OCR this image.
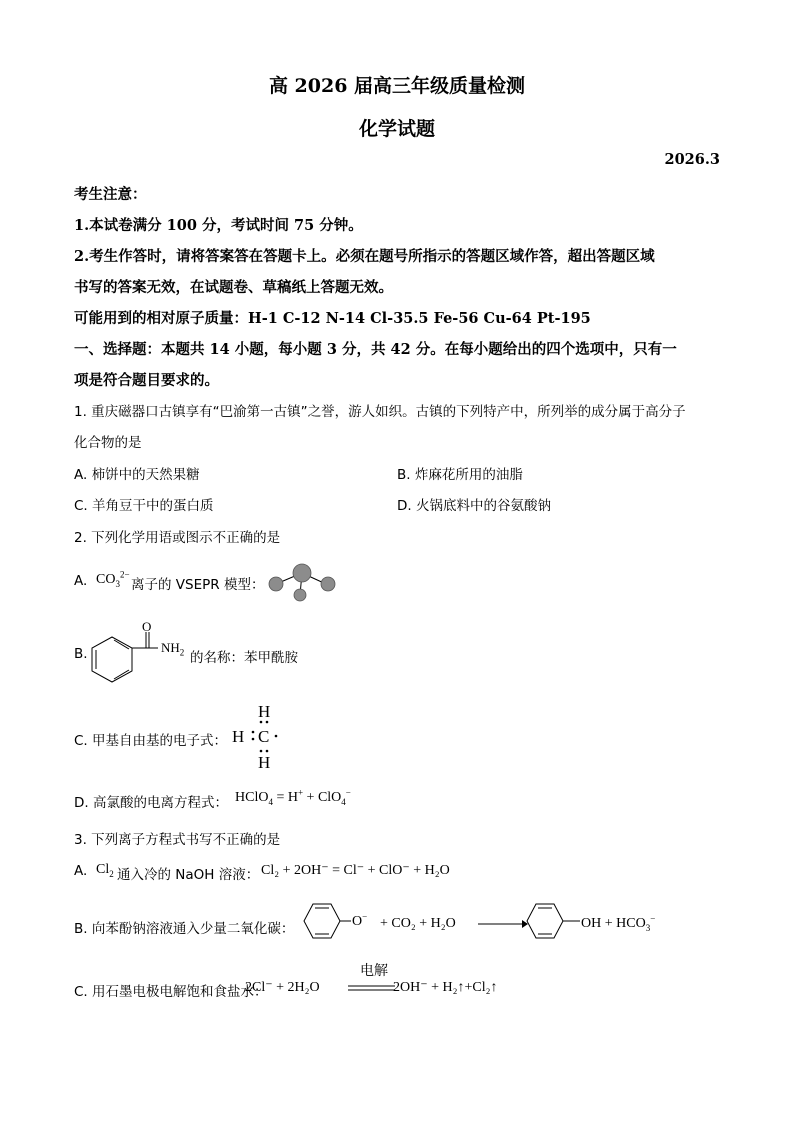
高 2026 届高三年级质量检测
化学试题
2026.3
考生注意：
1.本试卷满分 100 分，考试时间 75 分钟。
2.考生作答时，请将答案答在答题卡上。必须在题号所指示的答题区域作答，超出答题区域
书写的答案无效，在试题卷、草稿纸上答题无效。
可能用到的相对原子质量：H-1 C-12 N-14 Cl-35.5 Fe-56 Cu-64 Pt-195
一、选择题：本题共 14 小题，每小题 3 分，共 42 分。在每小题给出的四个选项中，只有一
项是符合题目要求的。
1. 重庆磁器口古镇享有“巴渝第一古镇”之誉，游人如织。古镇的下列特产中，所列举的成分属于高分子
化合物的是
A. 柿饼中的天然果糖	B. 炸麻花所用的油脂
C. 羊角豆干中的蛋白质	D. 火锅底料中的谷氨酸钠
2. 下列化学用语或图示不正确的是
A. $CO_3^{2-}$
离子的 VSEPR 模型：
B.
O
$NH_2$ 的名称：苯甲酰胺
C. 甲基自由基的电子式：
H
H C
H
D. 高氯酸的电离方程式： HClO$_4$ = H+ + ClO$_4$−
3. 下列离子方程式书写不正确的是
A. $Cl_2$ 通入冷的 NaOH 溶液： Cl₂ + 2OH⁻ = Cl⁻ + ClO⁻ + H₂O
B. 向苯酚钠溶液通入少量二氧化碳：	O− + CO₂ + H₂O →	OH + $HCO_3^-$
C. 用石墨电极电解饱和食盐水：
2Cl⁻ + 2H₂O
电解
2OH⁻ + H₂↑+Cl₂↑
